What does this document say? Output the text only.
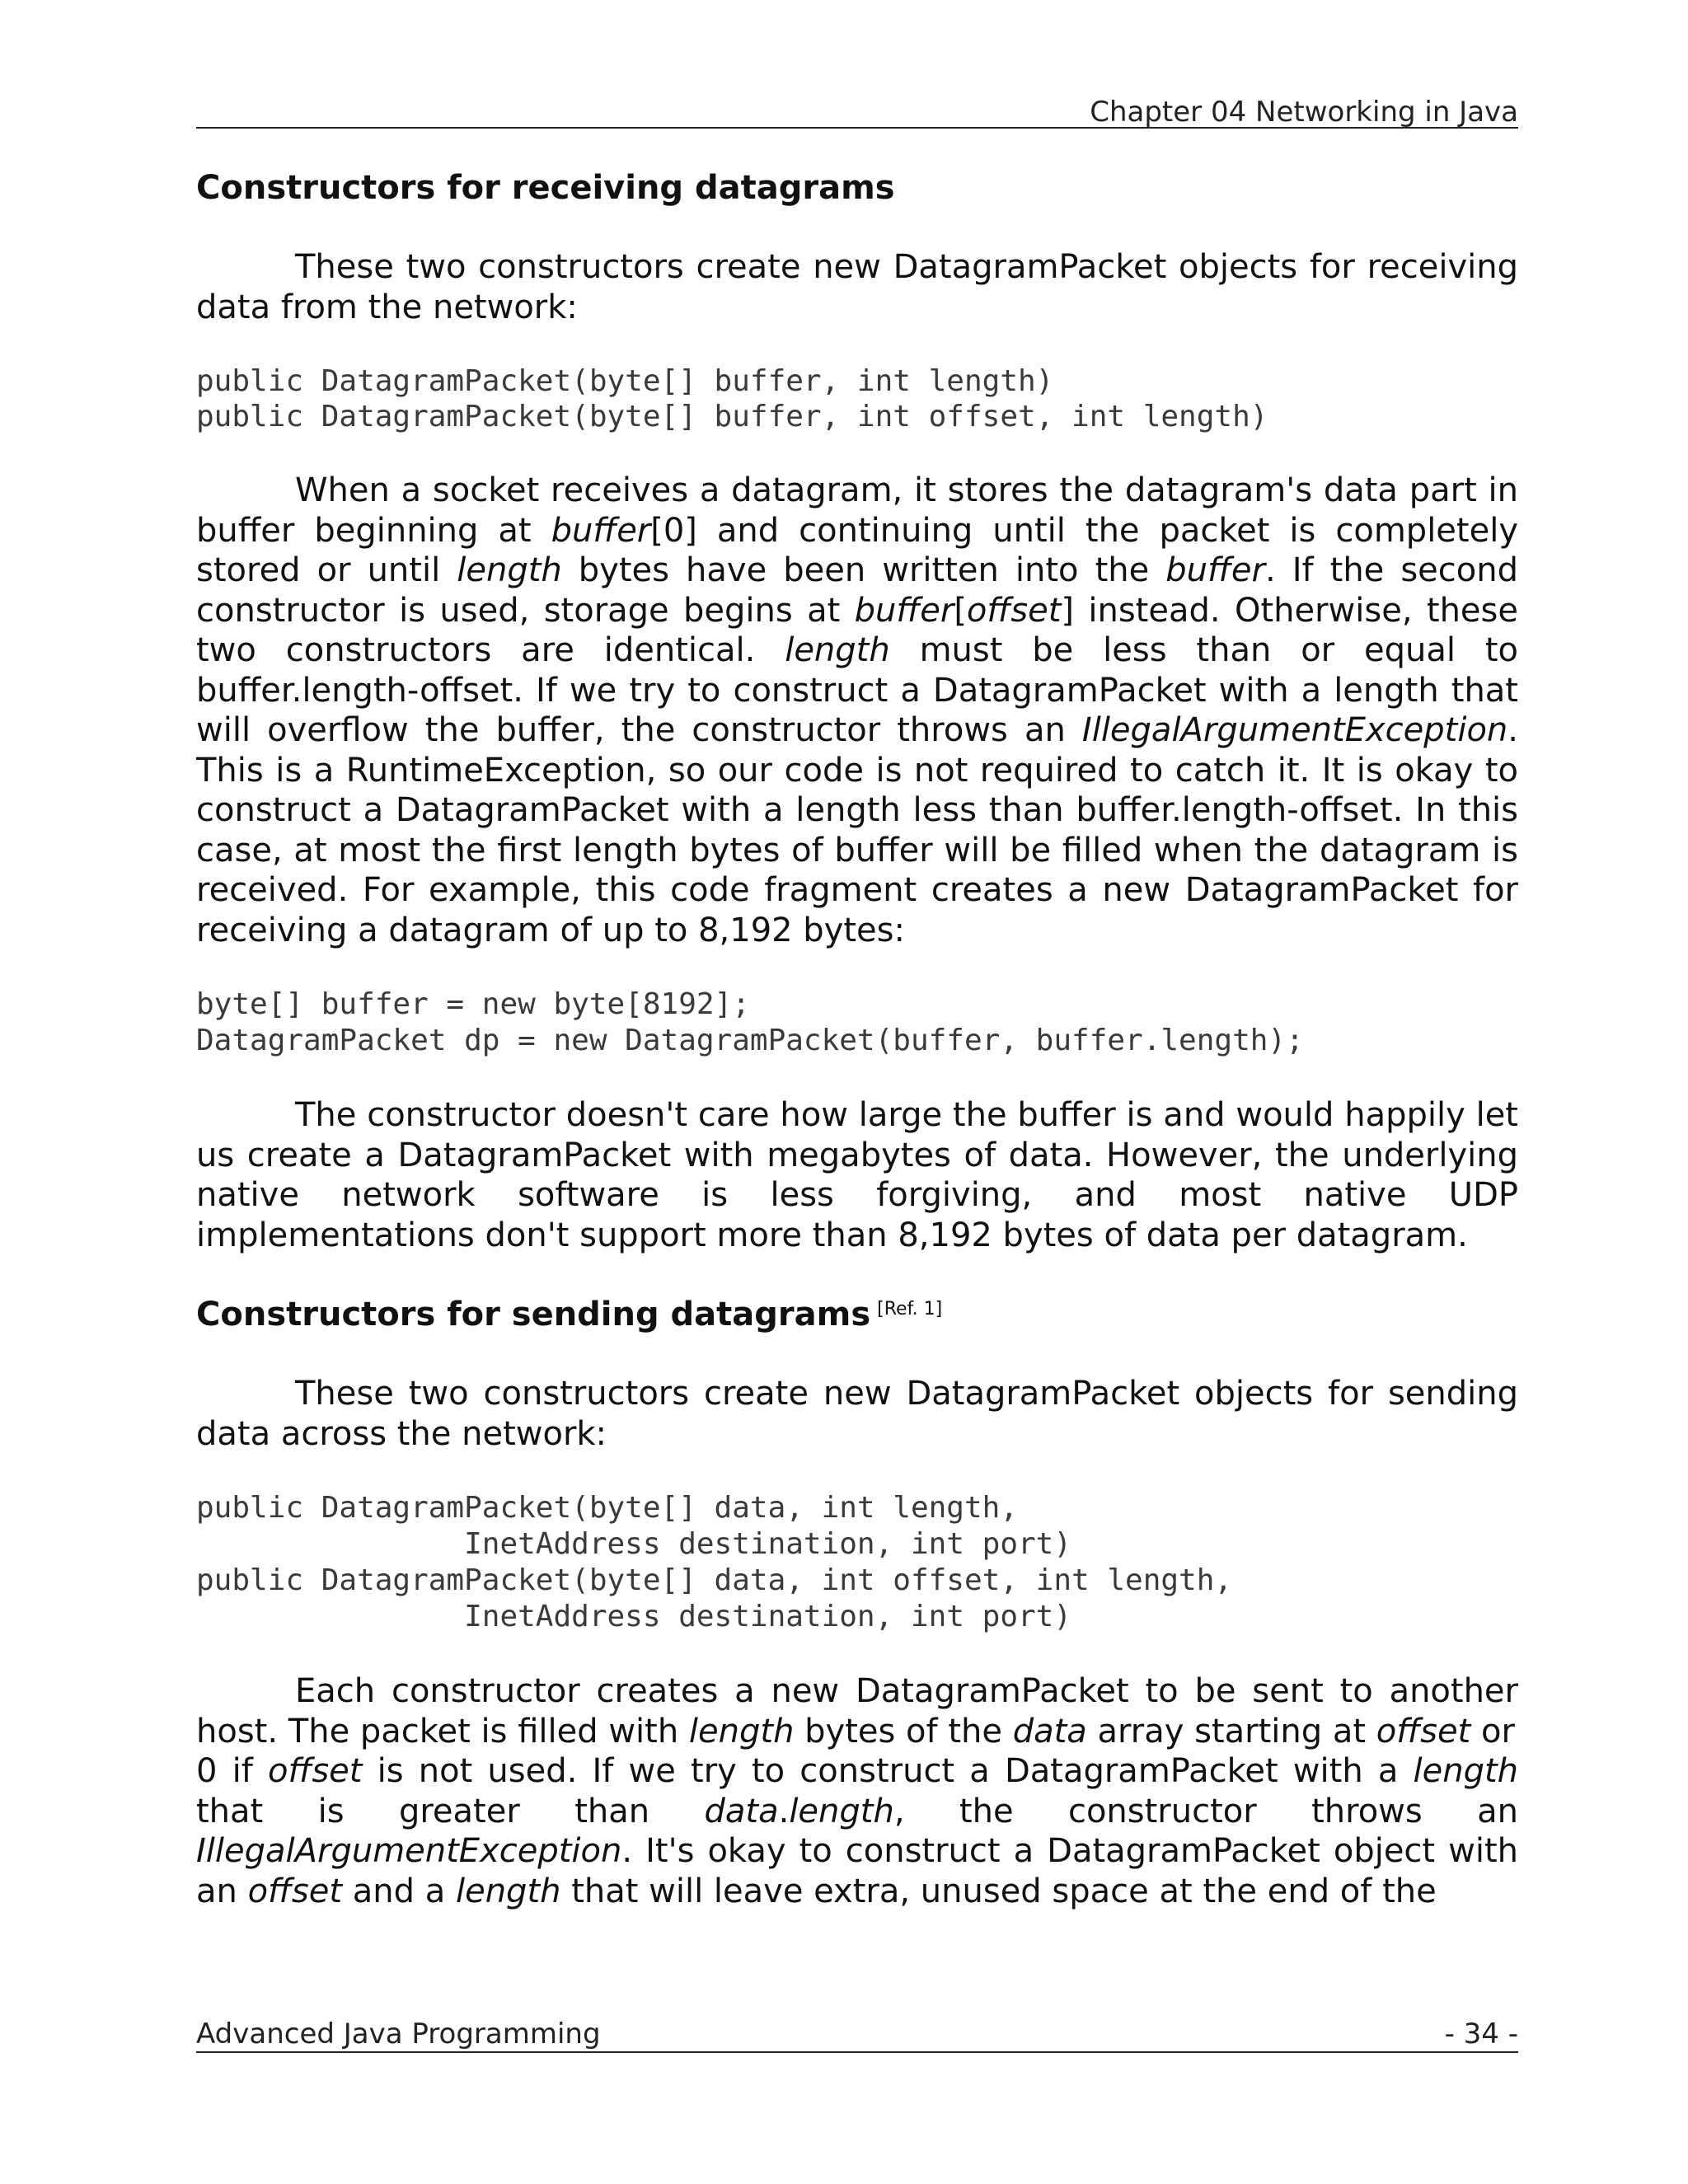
Chapter 04 Networking in Java
Constructors for receiving datagrams

These two constructors create new DatagramPacket objects for receiving data from the network:

public DatagramPacket(byte[] buffer, int length)
public DatagramPacket(byte[] buffer, int offset, int length)

When a socket receives a datagram, it stores the datagram's data part in buffer beginning at buffer[0] and continuing until the packet is completely stored or until length bytes have been written into the buffer. If the second constructor is used, storage begins at buffer[offset] instead. Otherwise, these two constructors are identical. length must be less than or equal to buffer.length-offset. If we try to construct a DatagramPacket with a length that will overflow the buffer, the constructor throws an IllegalArgumentException. This is a RuntimeException, so our code is not required to catch it. It is okay to construct a DatagramPacket with a length less than buffer.length-offset. In this case, at most the first length bytes of buffer will be filled when the datagram is received. For example, this code fragment creates a new DatagramPacket for receiving a datagram of up to 8,192 bytes:

byte[] buffer = new byte[8192];
DatagramPacket dp = new DatagramPacket(buffer, buffer.length);

The constructor doesn't care how large the buffer is and would happily let us create a DatagramPacket with megabytes of data. However, the underlying native network software is less forgiving, and most native UDP implementations don't support more than 8,192 bytes of data per datagram.

Constructors for sending datagrams [Ref. 1]

These two constructors create new DatagramPacket objects for sending data across the network:

public DatagramPacket(byte[] data, int length,
InetAddress destination, int port)
public DatagramPacket(byte[] data, int offset, int length,
InetAddress destination, int port)

Each constructor creates a new DatagramPacket to be sent to another host. The packet is filled with length bytes of the data array starting at offset or

0 if offset is not used. If we try to construct a DatagramPacket with a length that is greater than data.length, the constructor throws an IllegalArgumentException. It's okay to construct a DatagramPacket object with an offset and a length that will leave extra, unused space at the end of the

Advanced Java Programming	- 34 -
